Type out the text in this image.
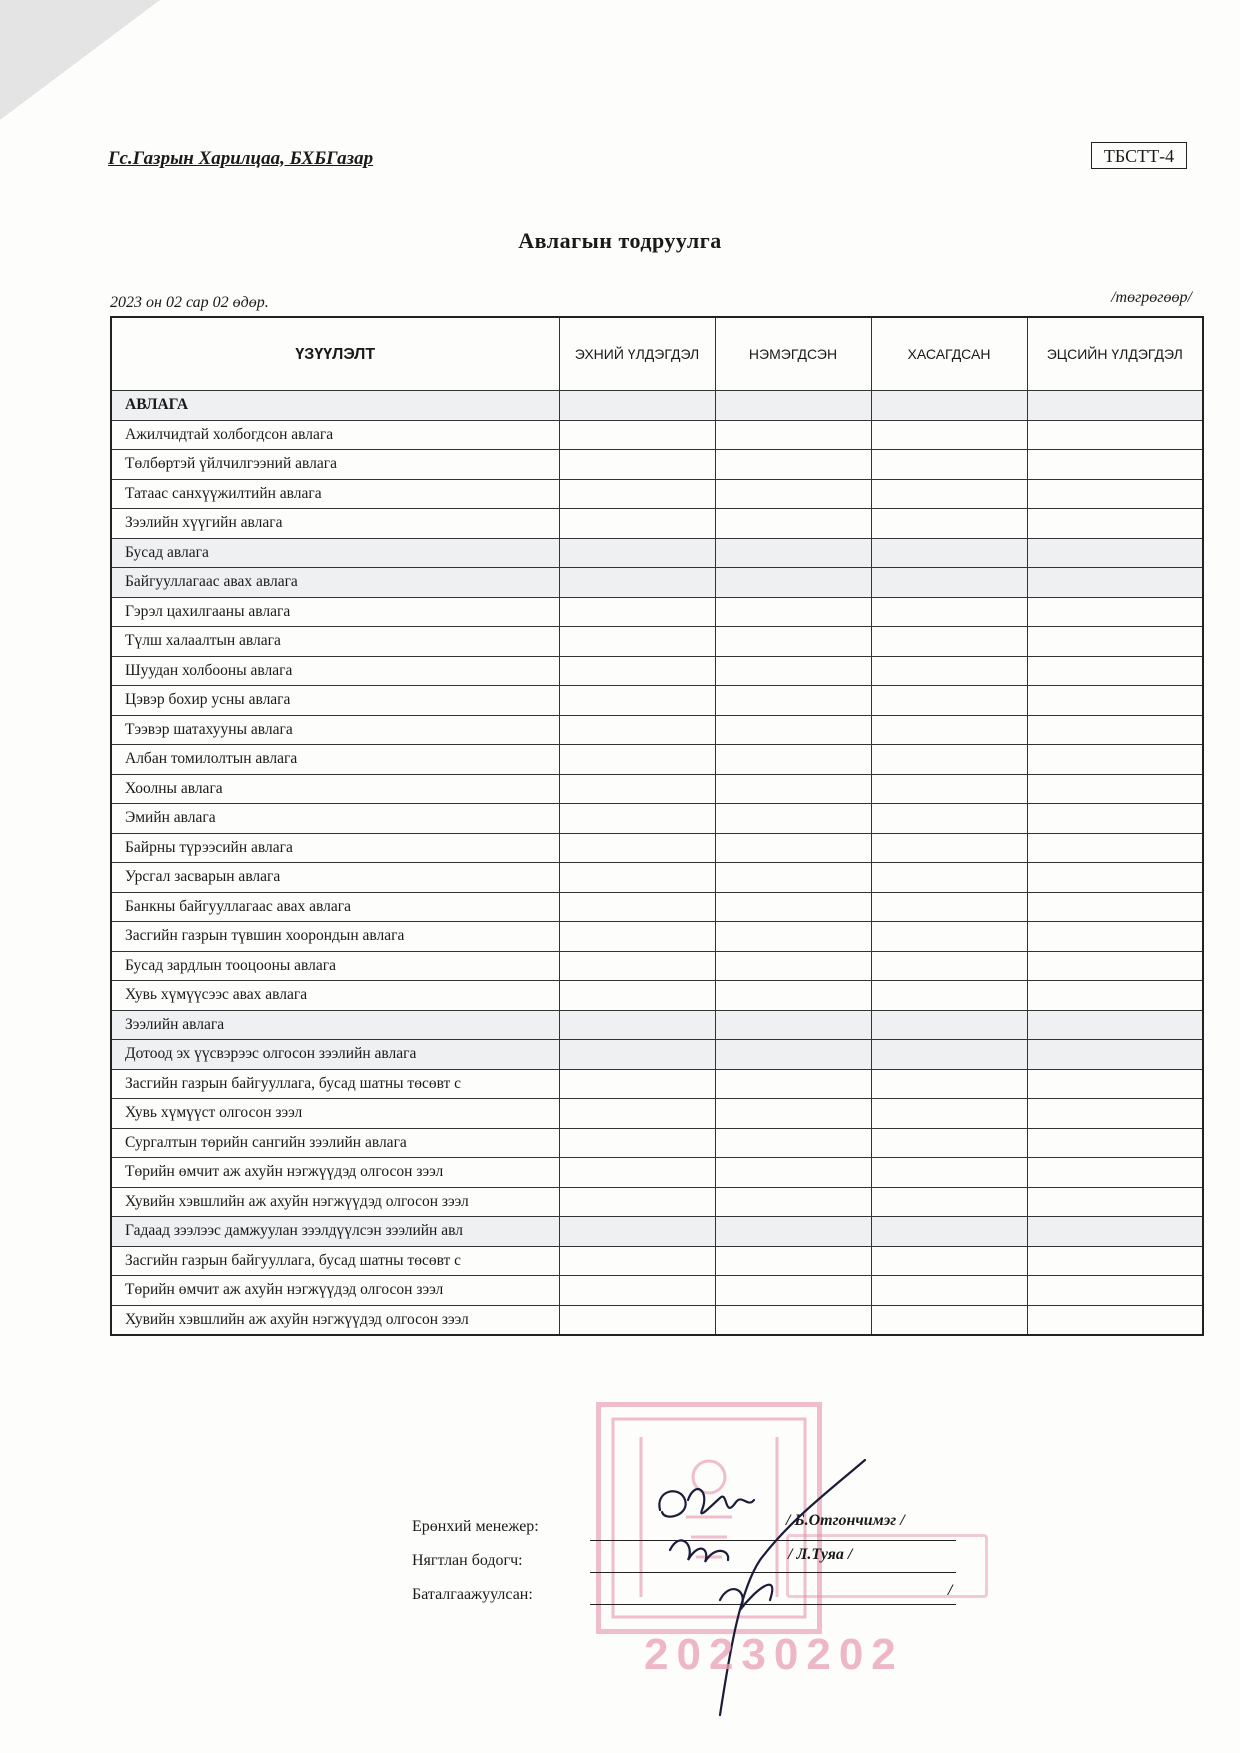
Гс.Газрын Харилцаа, БХБГазар	ТБСТТ-4
Авлагын тодруулга
2023 он 02 сар 02 өдөр.	/төгрөгөөр/
ҮЗҮҮЛЭЛТ	ЭХНИЙ ҮЛДЭГДЭЛ	НЭМЭГДСЭН	ХАСАГДСАН	ЭЦСИЙН ҮЛДЭГДЭЛ
АВЛАГА				
Ажилчидтай холбогдсон авлага				
Төлбөртэй үйлчилгээний авлага				
Татаас санхүүжилтийн авлага				
Зээлийн хүүгийн авлага				
Бусад авлага				
Байгууллагаас авах авлага				
Гэрэл цахилгааны авлага				
Түлш халаалтын авлага				
Шуудан холбооны авлага				
Цэвэр бохир усны авлага				
Тээвэр шатахууны авлага				
Албан томилолтын авлага				
Хоолны авлага				
Эмийн авлага				
Байрны түрээсийн авлага				
Урсгал засварын авлага				
Банкны байгууллагаас авах авлага				
Засгийн газрын түвшин хоорондын авлага				
Бусад зардлын тооцооны авлага				
Хувь хүмүүсээс авах авлага				
Зээлийн авлага				
Дотоод эх үүсвэрээс олгосон зээлийн авлага				
Засгийн газрын байгууллага, бусад шатны төсөвт с				
Хувь хүмүүст олгосон зээл				
Сургалтын төрийн сангийн зээлийн авлага				
Төрийн өмчит аж ахуйн нэгжүүдэд олгосон зээл				
Хувийн хэвшлийн аж ахуйн нэгжүүдэд олгосон зээл				
Гадаад зээлээс дамжуулан зээлдүүлсэн зээлийн авл				
Засгийн газрын байгууллага, бусад шатны төсөвт с				
Төрийн өмчит аж ахуйн нэгжүүдэд олгосон зээл				
Хувийн хэвшлийн аж ахуйн нэгжүүдэд олгосон зээл				
Ерөнхий менежер:	/ Б.Отгончимэг /
Нягтлан бодогч:	/ Л.Туяа /
Баталгаажуулсан:	/
20230202
